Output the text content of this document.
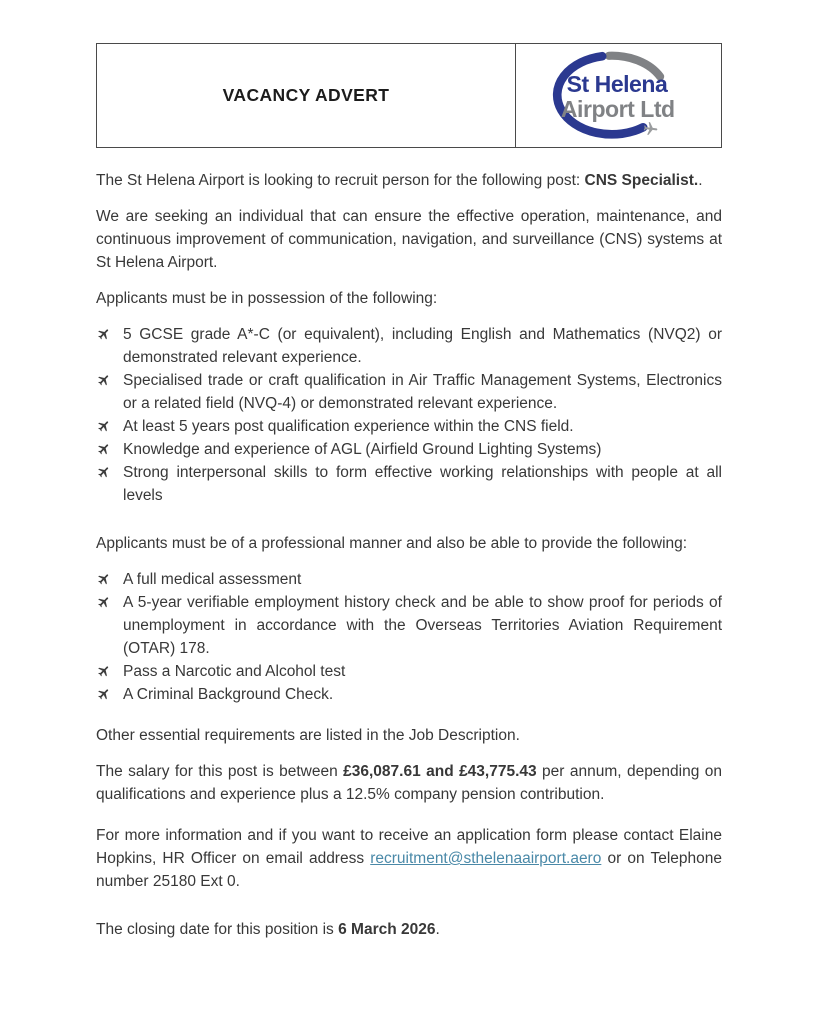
VACANCY ADVERT	St Helena
Airport Ltd

The St Helena Airport is looking to recruit person for the following post: CNS Specialist..

We are seeking an individual that can ensure the effective operation, maintenance, and continuous improvement of communication, navigation, and surveillance (CNS) systems at St Helena Airport.

Applicants must be in possession of the following:

5 GCSE grade A*-C (or equivalent), including English and Mathematics (NVQ2) or demonstrated relevant experience.
Specialised trade or craft qualification in Air Traffic Management Systems, Electronics or a related field (NVQ-4) or demonstrated relevant experience.
At least 5 years post qualification experience within the CNS field.
Knowledge and experience of AGL (Airfield Ground Lighting Systems)
Strong interpersonal skills to form effective working relationships with people at all levels

Applicants must be of a professional manner and also be able to provide the following:

A full medical assessment
A 5-year verifiable employment history check and be able to show proof for periods of unemployment in accordance with the Overseas Territories Aviation Requirement (OTAR) 178.
Pass a Narcotic and Alcohol test
A Criminal Background Check.

Other essential requirements are listed in the Job Description.

The salary for this post is between £36,087.61 and £43,775.43 per annum, depending on qualifications and experience plus a 12.5% company pension contribution.

For more information and if you want to receive an application form please contact Elaine Hopkins, HR Officer on email address recruitment@sthelenaairport.aero or on Telephone number 25180 Ext 0.

The closing date for this position is 6 March 2026.
